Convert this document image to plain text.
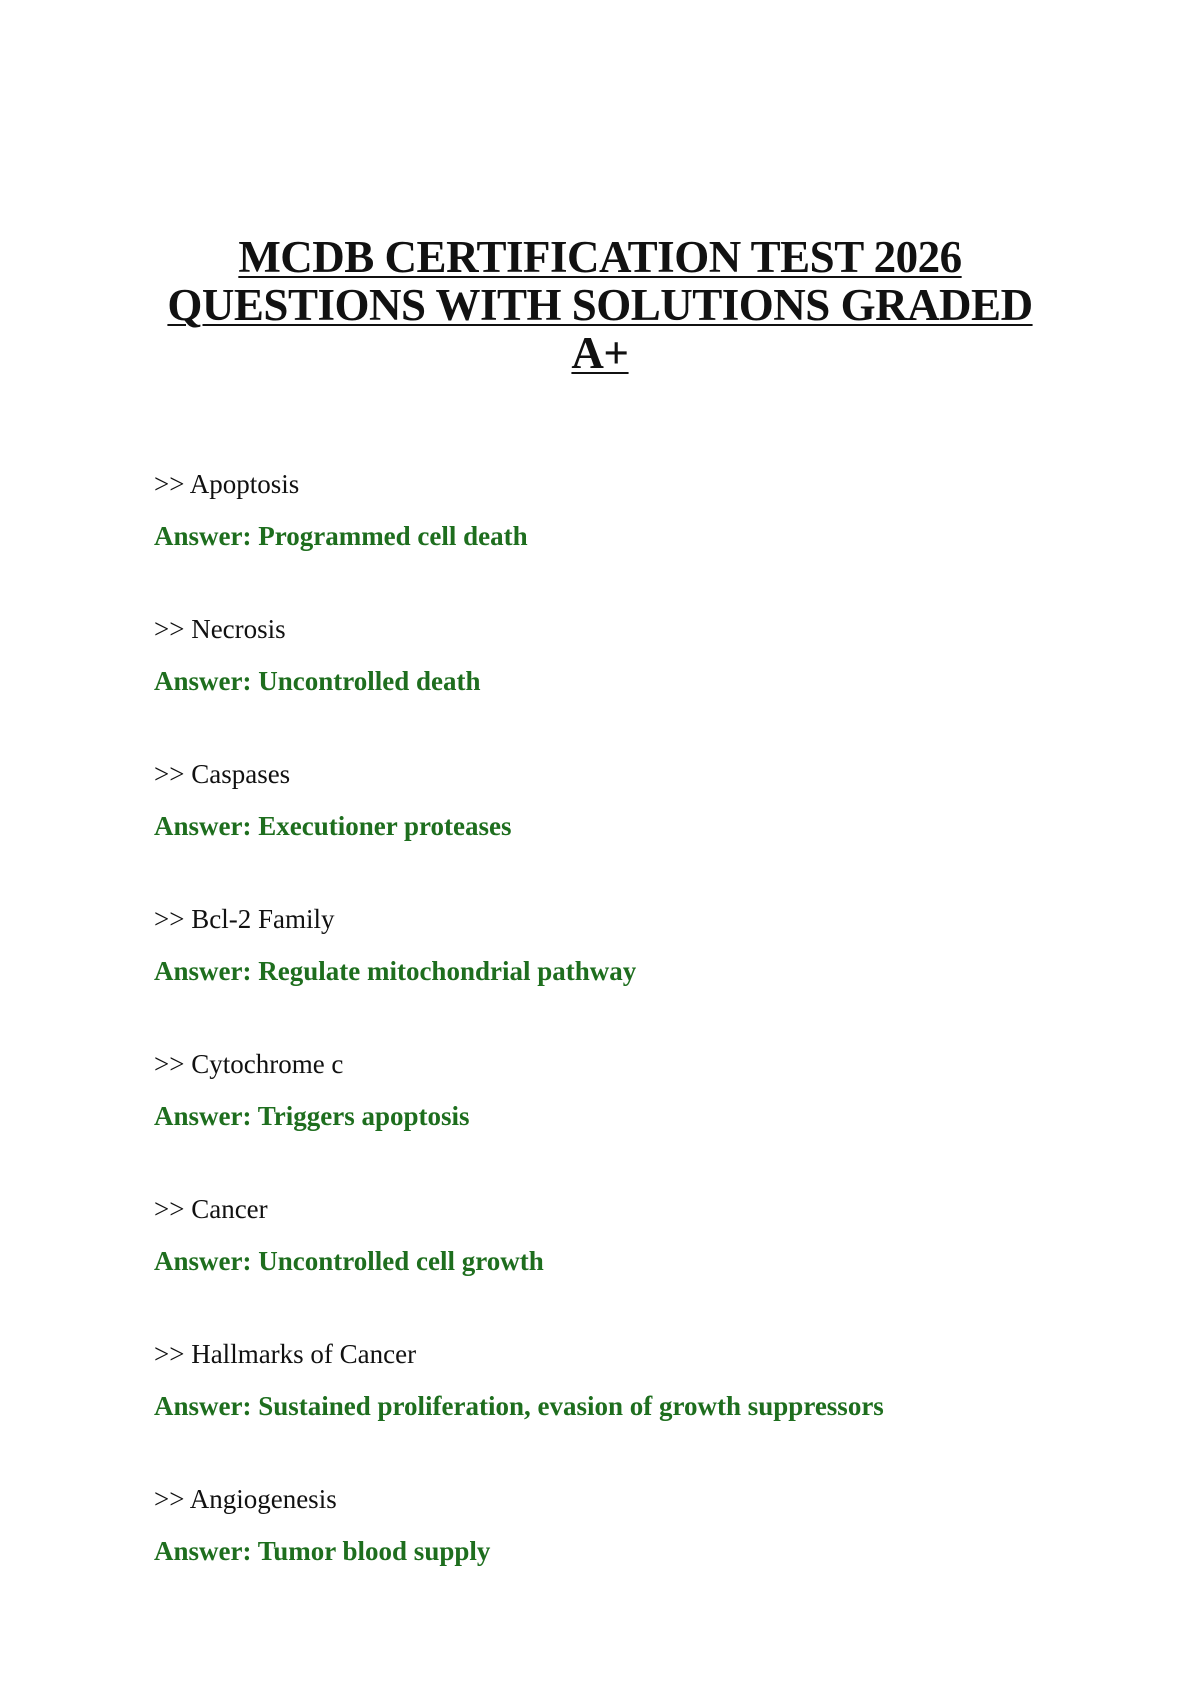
MCDB CERTIFICATION TEST 2026
QUESTIONS WITH SOLUTIONS GRADED
A+

>> Apoptosis

Answer: Programmed cell death

>> Necrosis

Answer: Uncontrolled death

>> Caspases

Answer: Executioner proteases

>> Bcl-2 Family

Answer: Regulate mitochondrial pathway

>> Cytochrome c

Answer: Triggers apoptosis

>> Cancer

Answer: Uncontrolled cell growth

>> Hallmarks of Cancer

Answer: Sustained proliferation, evasion of growth suppressors

>> Angiogenesis

Answer: Tumor blood supply
